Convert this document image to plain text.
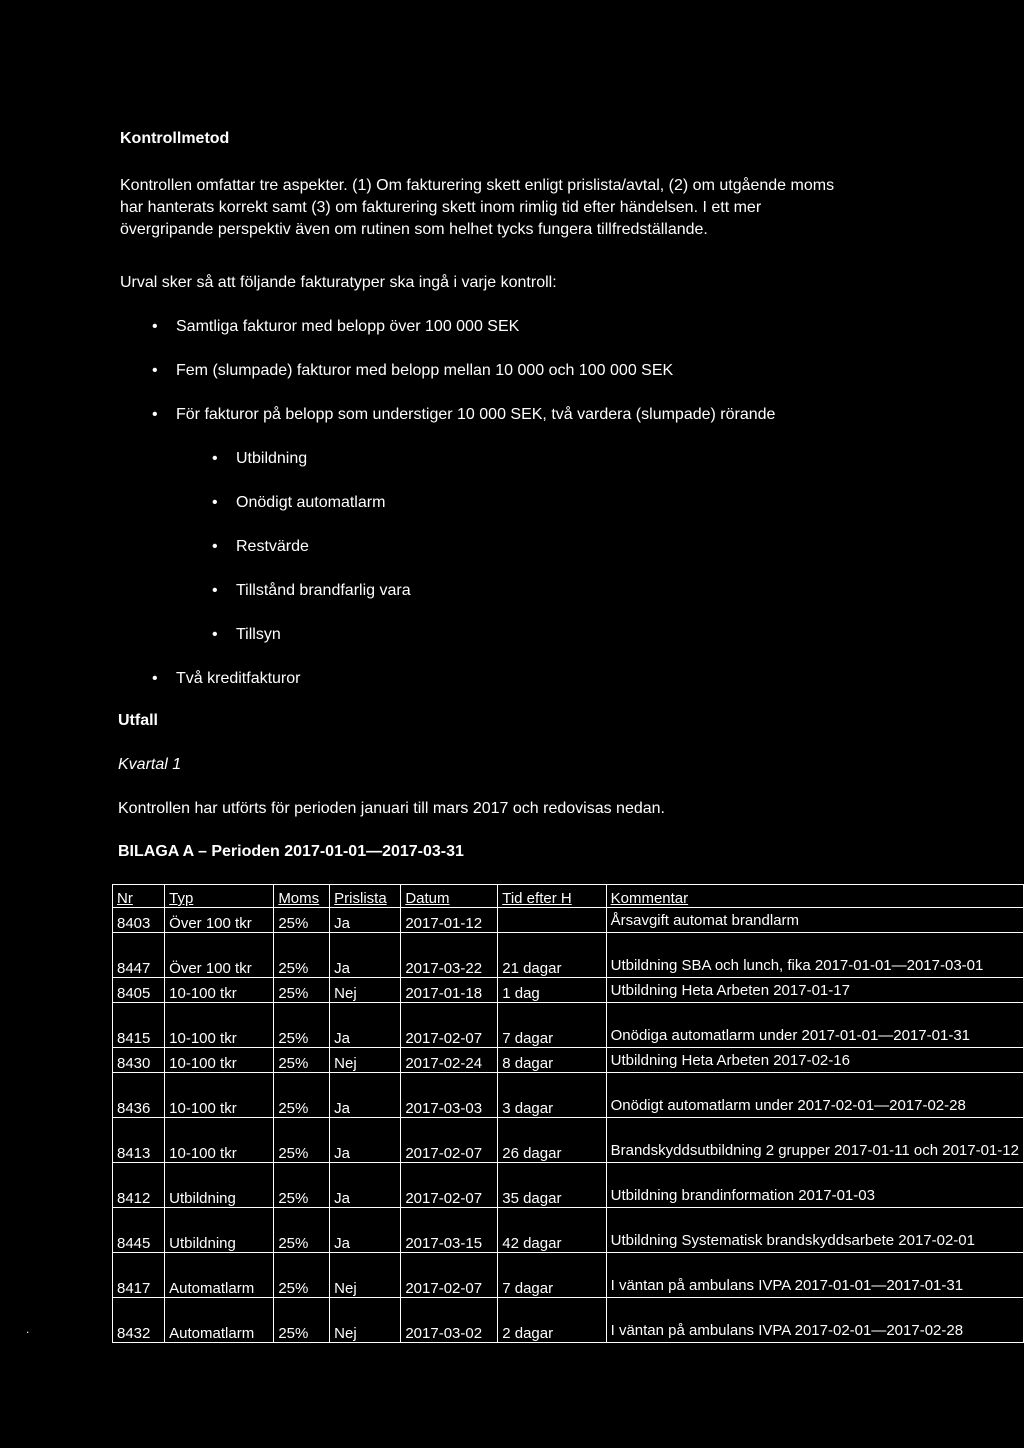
Kontrollmetod
Kontrollen omfattar tre aspekter. (1) Om fakturering skett enligt prislista/avtal, (2) om utgående moms har hanterats korrekt samt (3) om fakturering skett inom rimlig tid efter händelsen. I ett mer övergripande perspektiv även om rutinen som helhet tycks fungera tillfredställande.
Urval sker så att följande fakturatyper ska ingå i varje kontroll:
• Samtliga fakturor med belopp över 100 000 SEK
• Fem (slumpade) fakturor med belopp mellan 10 000 och 100 000 SEK
• För fakturor på belopp som understiger 10 000 SEK, två vardera (slumpade) rörande
• Utbildning
• Onödigt automatlarm
• Restvärde
• Tillstånd brandfarlig vara
• Tillsyn
• Två kreditfakturor
Utfall
Kvartal 1
Kontrollen har utförts för perioden januari till mars 2017 och redovisas nedan.
BILAGA A – Perioden 2017-01-01—2017-03-31
Nr	Typ	Moms	Prislista	Datum	Tid efter H	Kommentar
8403	Över 100 tkr	25%	Ja	2017-01-12		Årsavgift automat brandlarm
8447	Över 100 tkr	25%	Ja	2017-03-22	21 dagar	Utbildning SBA och lunch, fika 2017-01-01—2017-03-01
8405	10-100 tkr	25%	Nej	2017-01-18	1 dag	Utbildning Heta Arbeten 2017-01-17
8415	10-100 tkr	25%	Ja	2017-02-07	7 dagar	Onödiga automatlarm under 2017-01-01—2017-01-31
8430	10-100 tkr	25%	Nej	2017-02-24	8 dagar	Utbildning Heta Arbeten 2017-02-16
8436	10-100 tkr	25%	Ja	2017-03-03	3 dagar	Onödigt automatlarm under 2017-02-01—2017-02-28
8413	10-100 tkr	25%	Ja	2017-02-07	26 dagar	Brandskyddsutbildning 2 grupper 2017-01-11 och 2017-01-12
8412	Utbildning	25%	Ja	2017-02-07	35 dagar	Utbildning brandinformation 2017-01-03
8445	Utbildning	25%	Ja	2017-03-15	42 dagar	Utbildning Systematisk brandskyddsarbete 2017-02-01
8417	Automatlarm	25%	Nej	2017-02-07	7 dagar	I väntan på ambulans IVPA 2017-01-01—2017-01-31
8432	Automatlarm	25%	Nej	2017-03-02	2 dagar	I väntan på ambulans IVPA 2017-02-01—2017-02-28
.
